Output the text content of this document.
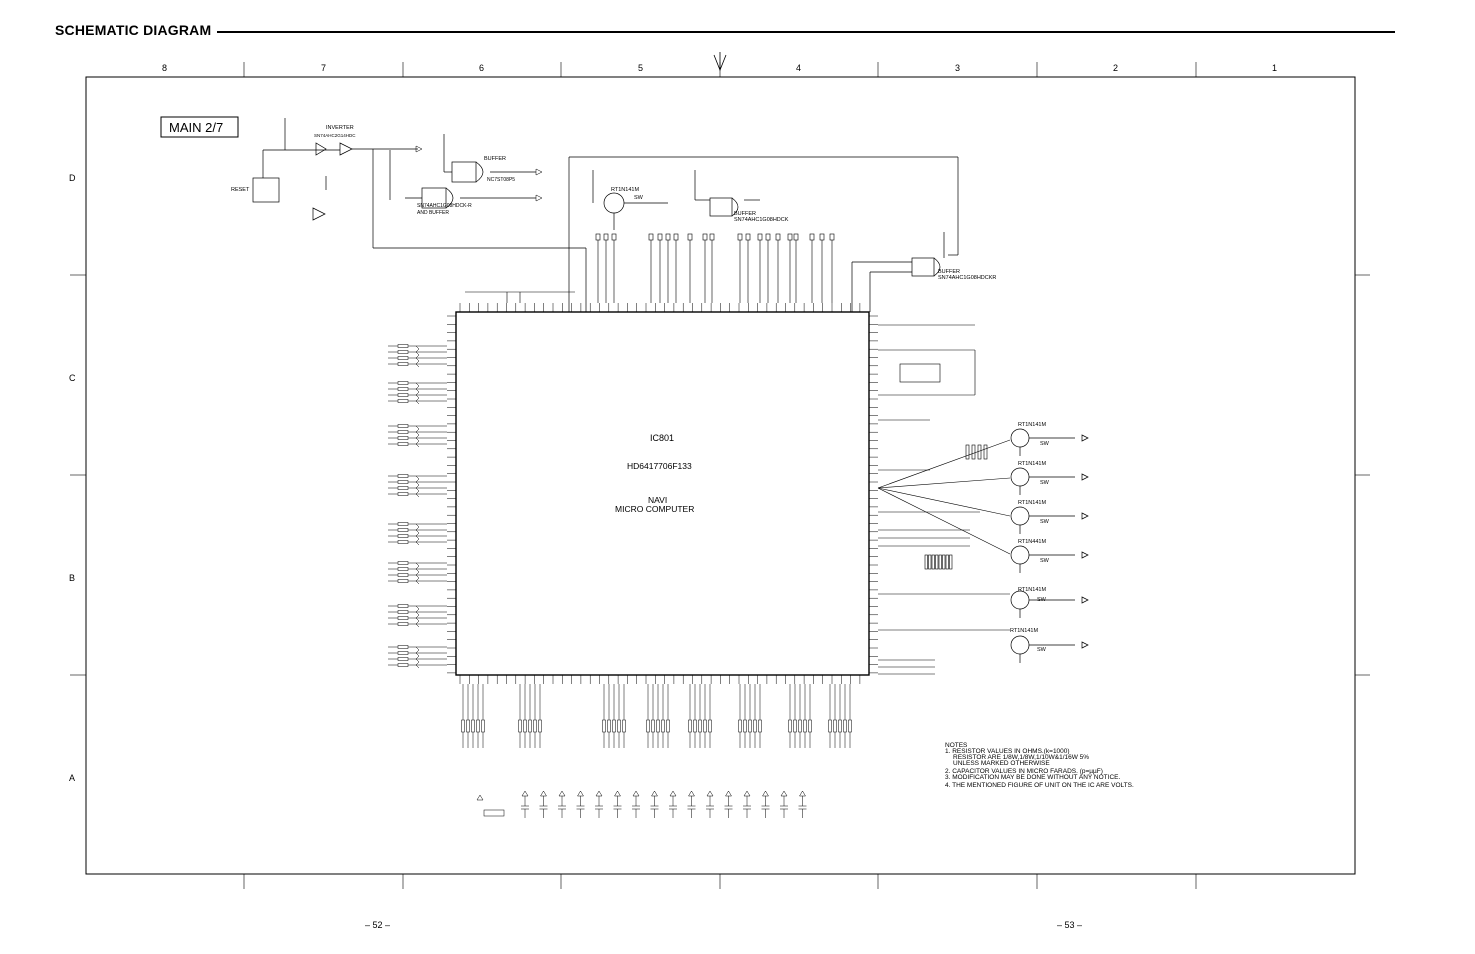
SCHEMATIC DIAGRAM
8	7	6	5	4	3	2	1
D
C
B
A
MAIN 2/7
IC801
HD6417706F133
NAVI
MICRO COMPUTER
INVERTER
SN74AHC2G14HDC
RESET
BUFFER
NC7ST08P5
SN74AHC1G08HDCK-R
AND BUFFER
RT1N141M
SW
BUFFER
SN74AHC1G08HDCK
BUFFER
SN74AHC1G08HDCKR
RT1N141M
RT1N141M
RT1N141M
RT1N441M
RT1N141M
RT1N141M
SW
SW
SW
SW
SW
SW
NOTES
1. RESISTOR VALUES IN OHMS.(k=1000)
RESISTOR ARE 1/8W,1/8W,1/10W&1/16W 5%
UNLESS MARKED OTHERWISE
2. CAPACITOR VALUES IN MICRO FARADS. (p=µµF)
3. MODIFICATION MAY BE DONE WITHOUT ANY NOTICE.
4. THE MENTIONED FIGURE OF UNIT ON THE IC ARE VOLTS.
– 52 –	– 53 –
